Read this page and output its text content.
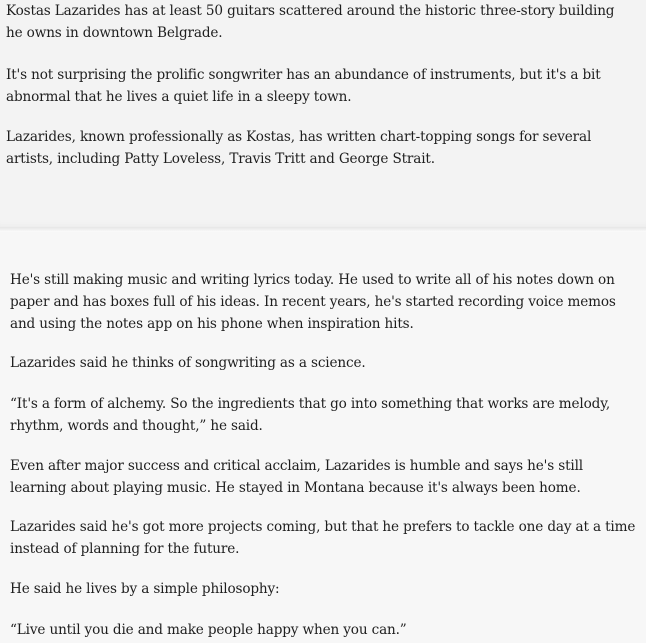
Kostas Lazarides has at least 50 guitars scattered around the historic three-story building he owns in downtown Belgrade.

It's not surprising the prolific songwriter has an abundance of instruments, but it's a bit abnormal that he lives a quiet life in a sleepy town.

Lazarides, known professionally as Kostas, has written chart-topping songs for several artists, including Patty Loveless, Travis Tritt and George Strait.

He's still making music and writing lyrics today. He used to write all of his notes down on paper and has boxes full of his ideas. In recent years, he's started recording voice memos and using the notes app on his phone when inspiration hits.

Lazarides said he thinks of songwriting as a science.

“It's a form of alchemy. So the ingredients that go into something that works are melody, rhythm, words and thought,” he said.

Even after major success and critical acclaim, Lazarides is humble and says he's still learning about playing music. He stayed in Montana because it's always been home.

Lazarides said he's got more projects coming, but that he prefers to tackle one day at a time instead of planning for the future.

He said he lives by a simple philosophy:

“Live until you die and make people happy when you can.”
